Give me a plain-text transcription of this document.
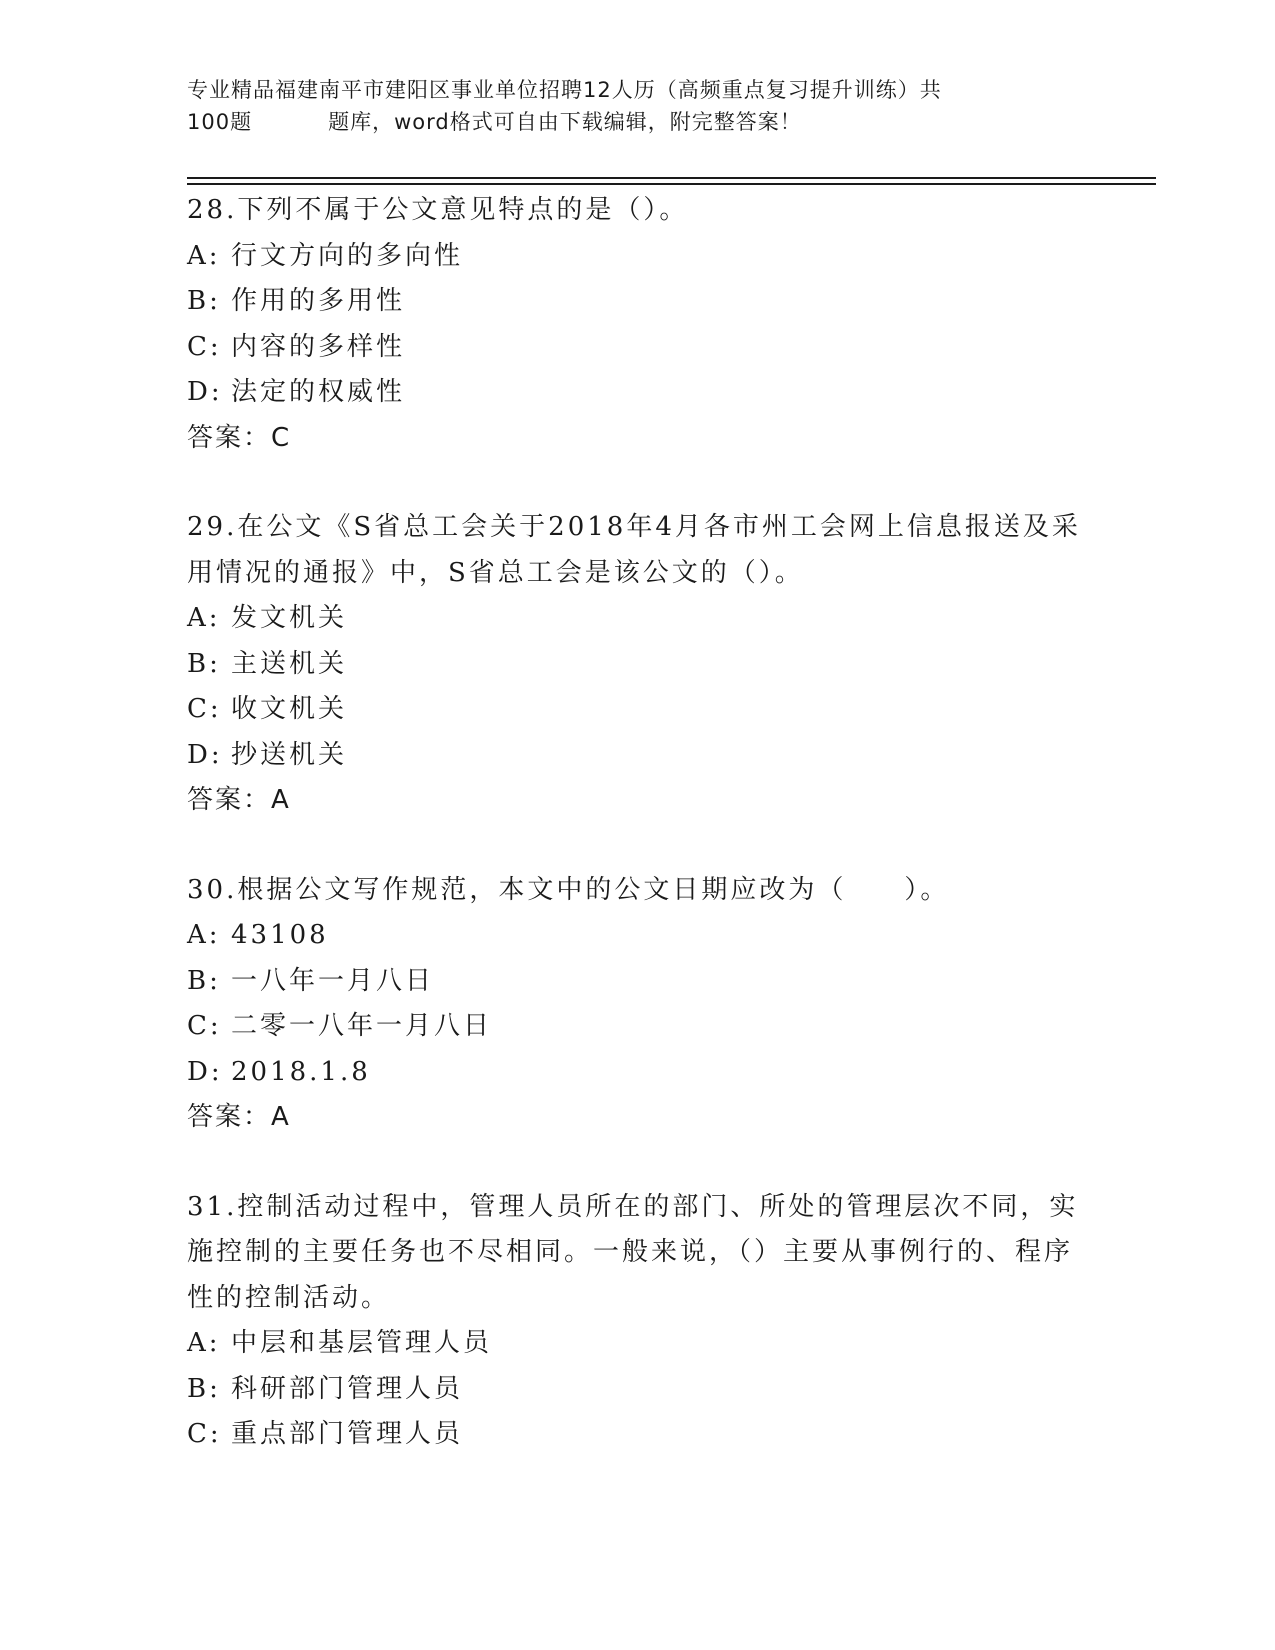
专业精品福建南平市建阳区事业单位招聘12人历（高频重点复习提升训练）共
100题	题库，word格式可自由下载编辑，附完整答案！
28.下列不属于公文意见特点的是（）。
A: 行文方向的多向性
B: 作用的多用性
C: 内容的多样性
D: 法定的权威性
答案：C
29.在公文《S省总工会关于2018年4月各市州工会网上信息报送及采用情况的通报》中，S省总工会是该公文的（）。
A: 发文机关
B: 主送机关
C: 收文机关
D: 抄送机关
答案：A
30.根据公文写作规范，本文中的公文日期应改为（　　）。
A: 43108
B: 一八年一月八日
C: 二零一八年一月八日
D: 2018.1.8
答案：A
31.控制活动过程中，管理人员所在的部门、所处的管理层次不同，实施控制的主要任务也不尽相同。一般来说，（）主要从事例行的、程序性的控制活动。
A: 中层和基层管理人员
B: 科研部门管理人员
C: 重点部门管理人员
